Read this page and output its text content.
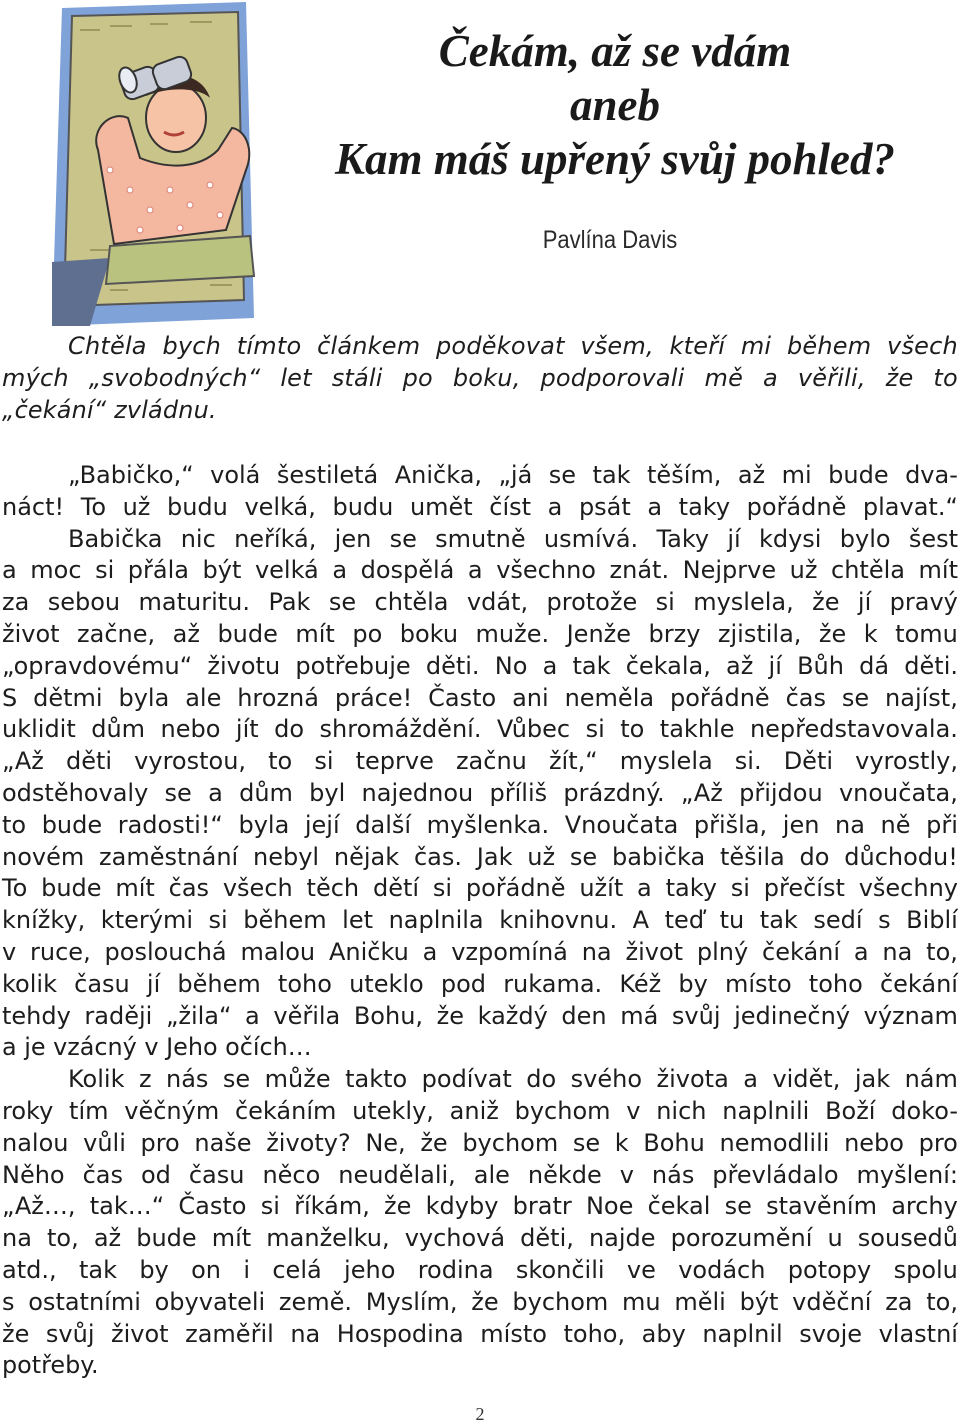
Čekám, až se vdám
aneb
Kam máš upřený svůj pohled?
Pavlína Davis
Chtěla bych tímto článkem poděkovat všem, kteří mi během všech
mých „svobodných“ let stáli po boku, podporovali mě a věřili, že to
„čekání“ zvládnu.
„Babičko,“ volá šestiletá Anička, „já se tak těším, až mi bude dva-
náct! To už budu velká, budu umět číst a psát a taky pořádně plavat.“
Babička nic neříká, jen se smutně usmívá. Taky jí kdysi bylo šest
a moc si přála být velká a dospělá a všechno znát. Nejprve už chtěla mít
za sebou maturitu. Pak se chtěla vdát, protože si myslela, že jí pravý
život začne, až bude mít po boku muže. Jenže brzy zjistila, že k tomu
„opravdovému“ životu potřebuje děti. No a tak čekala, až jí Bůh dá děti.
S dětmi byla ale hrozná práce! Často ani neměla pořádně čas se najíst,
uklidit dům nebo jít do shromáždění. Vůbec si to takhle nepředstavovala.
„Až děti vyrostou, to si teprve začnu žít,“ myslela si. Děti vyrostly,
odstěhovaly se a dům byl najednou příliš prázdný. „Až přijdou vnoučata,
to bude radosti!“ byla její další myšlenka. Vnoučata přišla, jen na ně při
novém zaměstnání nebyl nějak čas. Jak už se babička těšila do důchodu!
To bude mít čas všech těch dětí si pořádně užít a taky si přečíst všechny
knížky, kterými si během let naplnila knihovnu. A teď tu tak sedí s Biblí
v ruce, poslouchá malou Aničku a vzpomíná na život plný čekání a na to,
kolik času jí během toho uteklo pod rukama. Kéž by místo toho čekání
tehdy raději „žila“ a věřila Bohu, že každý den má svůj jedinečný význam
a je vzácný v Jeho očích…
Kolik z nás se může takto podívat do svého života a vidět, jak nám
roky tím věčným čekáním utekly, aniž bychom v nich naplnili Boží doko-
nalou vůli pro naše životy? Ne, že bychom se k Bohu nemodlili nebo pro
Něho čas od času něco neudělali, ale někde v nás převládalo myšlení:
„Až…, tak…“ Často si říkám, že kdyby bratr Noe čekal se stavěním archy
na to, až bude mít manželku, vychová děti, najde porozumění u sousedů
atd., tak by on i celá jeho rodina skončili ve vodách potopy spolu
s ostatními obyvateli země. Myslím, že bychom mu měli být vděční za to,
že svůj život zaměřil na Hospodina místo toho, aby naplnil svoje vlastní
potřeby.
2
